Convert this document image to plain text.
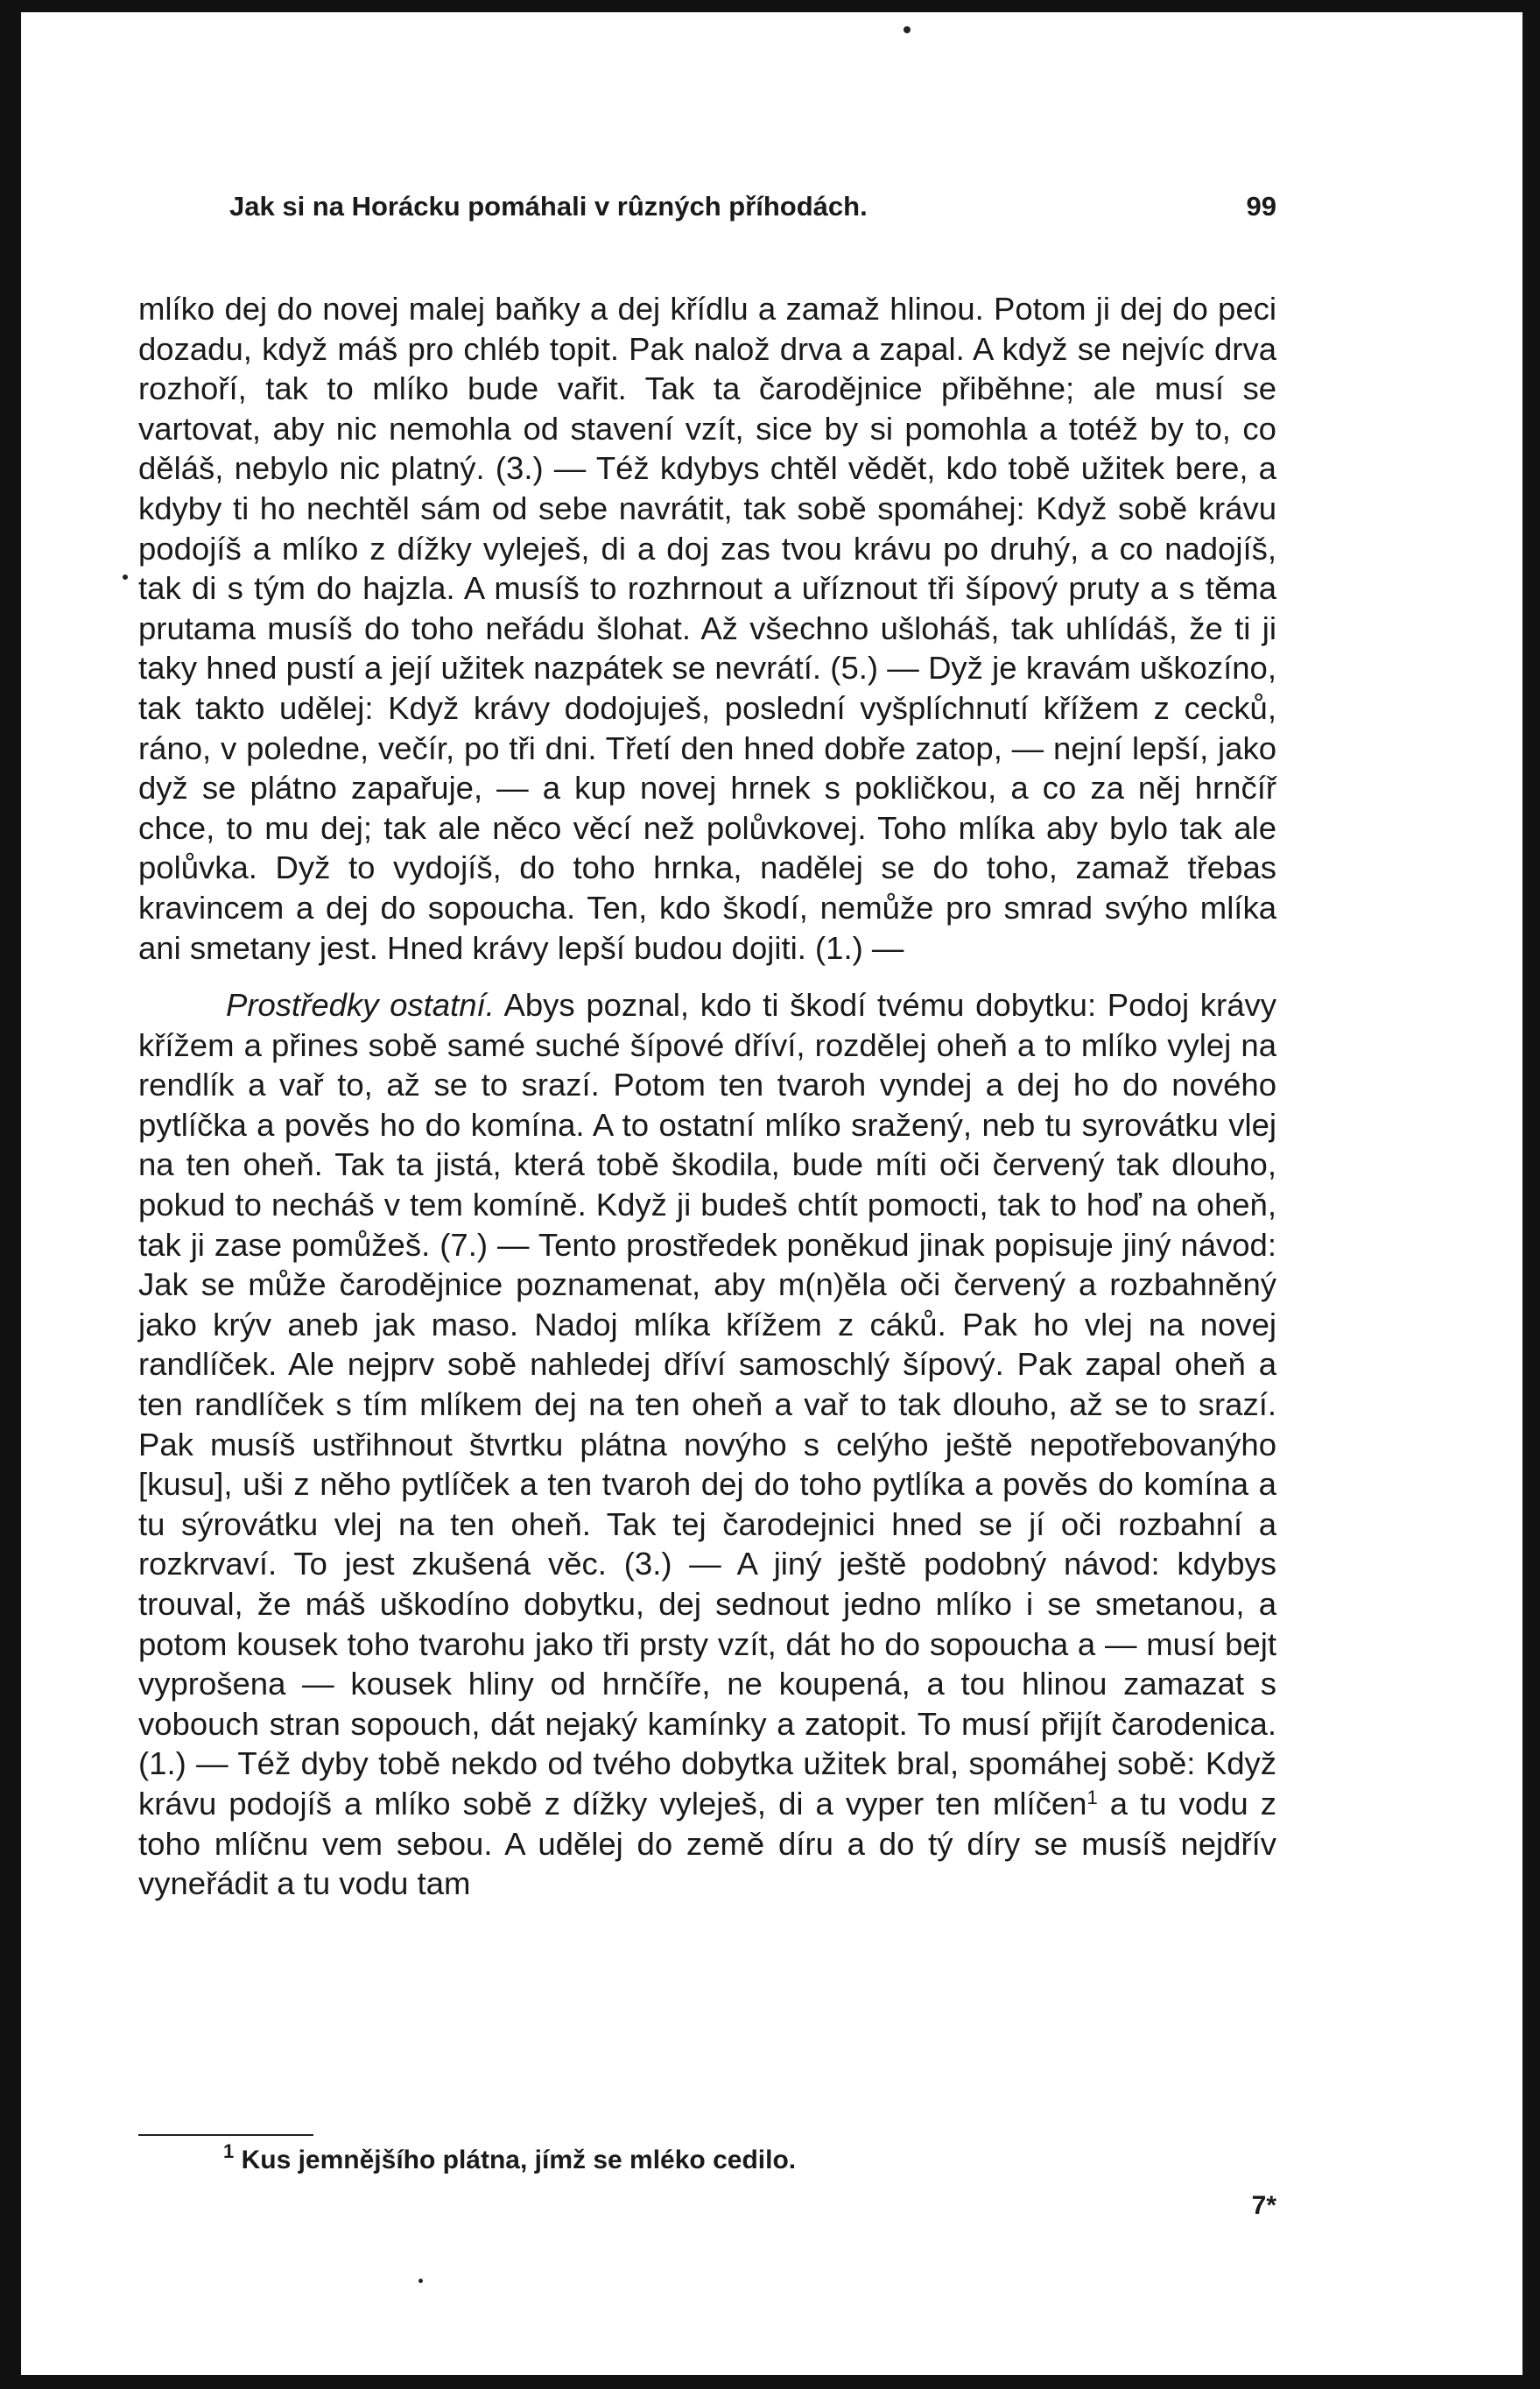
Jak si na Horácku pomáhali v rûzných příhodách.	99

mlíko dej do novej malej baňky a dej křídlu a zamaž hlinou. Potom ji dej do peci dozadu, když máš pro chléb topit. Pak nalož drva a zapal. A když se nejvíc drva rozhoří, tak to mlíko bude vařit. Tak ta čarodějnice přiběhne; ale musí se vartovat, aby nic nemohla od stavení vzít, sice by si pomohla a totéž by to, co děláš, nebylo nic platný. (3.) — Též kdybys chtěl vědět, kdo tobě užitek bere, a kdyby ti ho nechtěl sám od sebe navrátit, tak sobě spomáhej: Když sobě krávu podojíš a mlíko z dížky vyleješ, di a doj zas tvou krávu po druhý, a co nadojíš, tak di s tým do hajzla. A musíš to rozhrnout a uříznout tři šípový pruty a s těma prutama musíš do toho neřádu šlohat. Až všechno ušloháš, tak uhlídáš, že ti ji taky hned pustí a její užitek nazpátek se nevrátí. (5.) — Dyž je kravám uškozíno, tak takto udělej: Když krávy dodojuješ, poslední vyšplíchnutí křížem z cecků, ráno, v poledne, večír, po tři dni. Třetí den hned dobře zatop, — nejní lepší, jako dyž se plátno zapařuje, — a kup novej hrnek s pokličkou, a co za něj hrnčíř chce, to mu dej; tak ale něco věcí než polůvkovej. Toho mlíka aby bylo tak ale polůvka. Dyž to vydojíš, do toho hrnka, nadělej se do toho, zamaž třebas kravincem a dej do sopoucha. Ten, kdo škodí, nemůže pro smrad svýho mlíka ani smetany jest. Hned krávy lepší budou dojiti. (1.) —

Prostředky ostatní. Abys poznal, kdo ti škodí tvému dobytku: Podoj krávy křížem a přines sobě samé suché šípové dříví, rozdělej oheň a to mlíko vylej na rendlík a vař to, až se to srazí. Potom ten tvaroh vyndej a dej ho do nového pytlíčka a pověs ho do komína. A to ostatní mlíko sražený, neb tu syrovátku vlej na ten oheň. Tak ta jistá, která tobě škodila, bude míti oči červený tak dlouho, pokud to necháš v tem komíně. Když ji budeš chtít pomocti, tak to hoď na oheň, tak ji zase pomůžeš. (7.) — Tento prostředek poněkud jinak popisuje jiný návod: Jak se může čarodějnice poznamenat, aby m(n)ěla oči červený a rozbahněný jako krýv aneb jak maso. Nadoj mlíka křížem z cáků. Pak ho vlej na novej randlíček. Ale nejprv sobě nahledej dříví samoschlý šípový. Pak zapal oheň a ten randlíček s tím mlíkem dej na ten oheň a vař to tak dlouho, až se to srazí. Pak musíš ustřihnout štvrtku plátna novýho s celýho ještě nepotřebovanýho [kusu], uši z něho pytlíček a ten tvaroh dej do toho pytlíka a pověs do komína a tu sýrovátku vlej na ten oheň. Tak tej čarodejnici hned se jí oči rozbahní a rozkrvaví. To jest zkušená věc. (3.) — A jiný ještě podobný návod: kdybys trouval, že máš uškodíno dobytku, dej sednout jedno mlíko i se smetanou, a potom kousek toho tvarohu jako tři prsty vzít, dát ho do sopoucha a — musí bejt vyprošena — kousek hliny od hrnčíře, ne koupená, a tou hlinou zamazat s vobouch stran sopouch, dát nejaký kamínky a zatopit. To musí přijít čarodenica. (1.) — Též dyby tobě nekdo od tvého dobytka užitek bral, spomáhej sobě: Když krávu podojíš a mlíko sobě z dížky vyleješ, di a vyper ten mlíčen$^1$ a tu vodu z toho mlíčnu vem sebou. A udělej do země díru a do tý díry se musíš nejdřív vyneřádit a tu vodu tam

$^1$ Kus jemnějšího plátna, jímž se mléko cedilo.
7*
